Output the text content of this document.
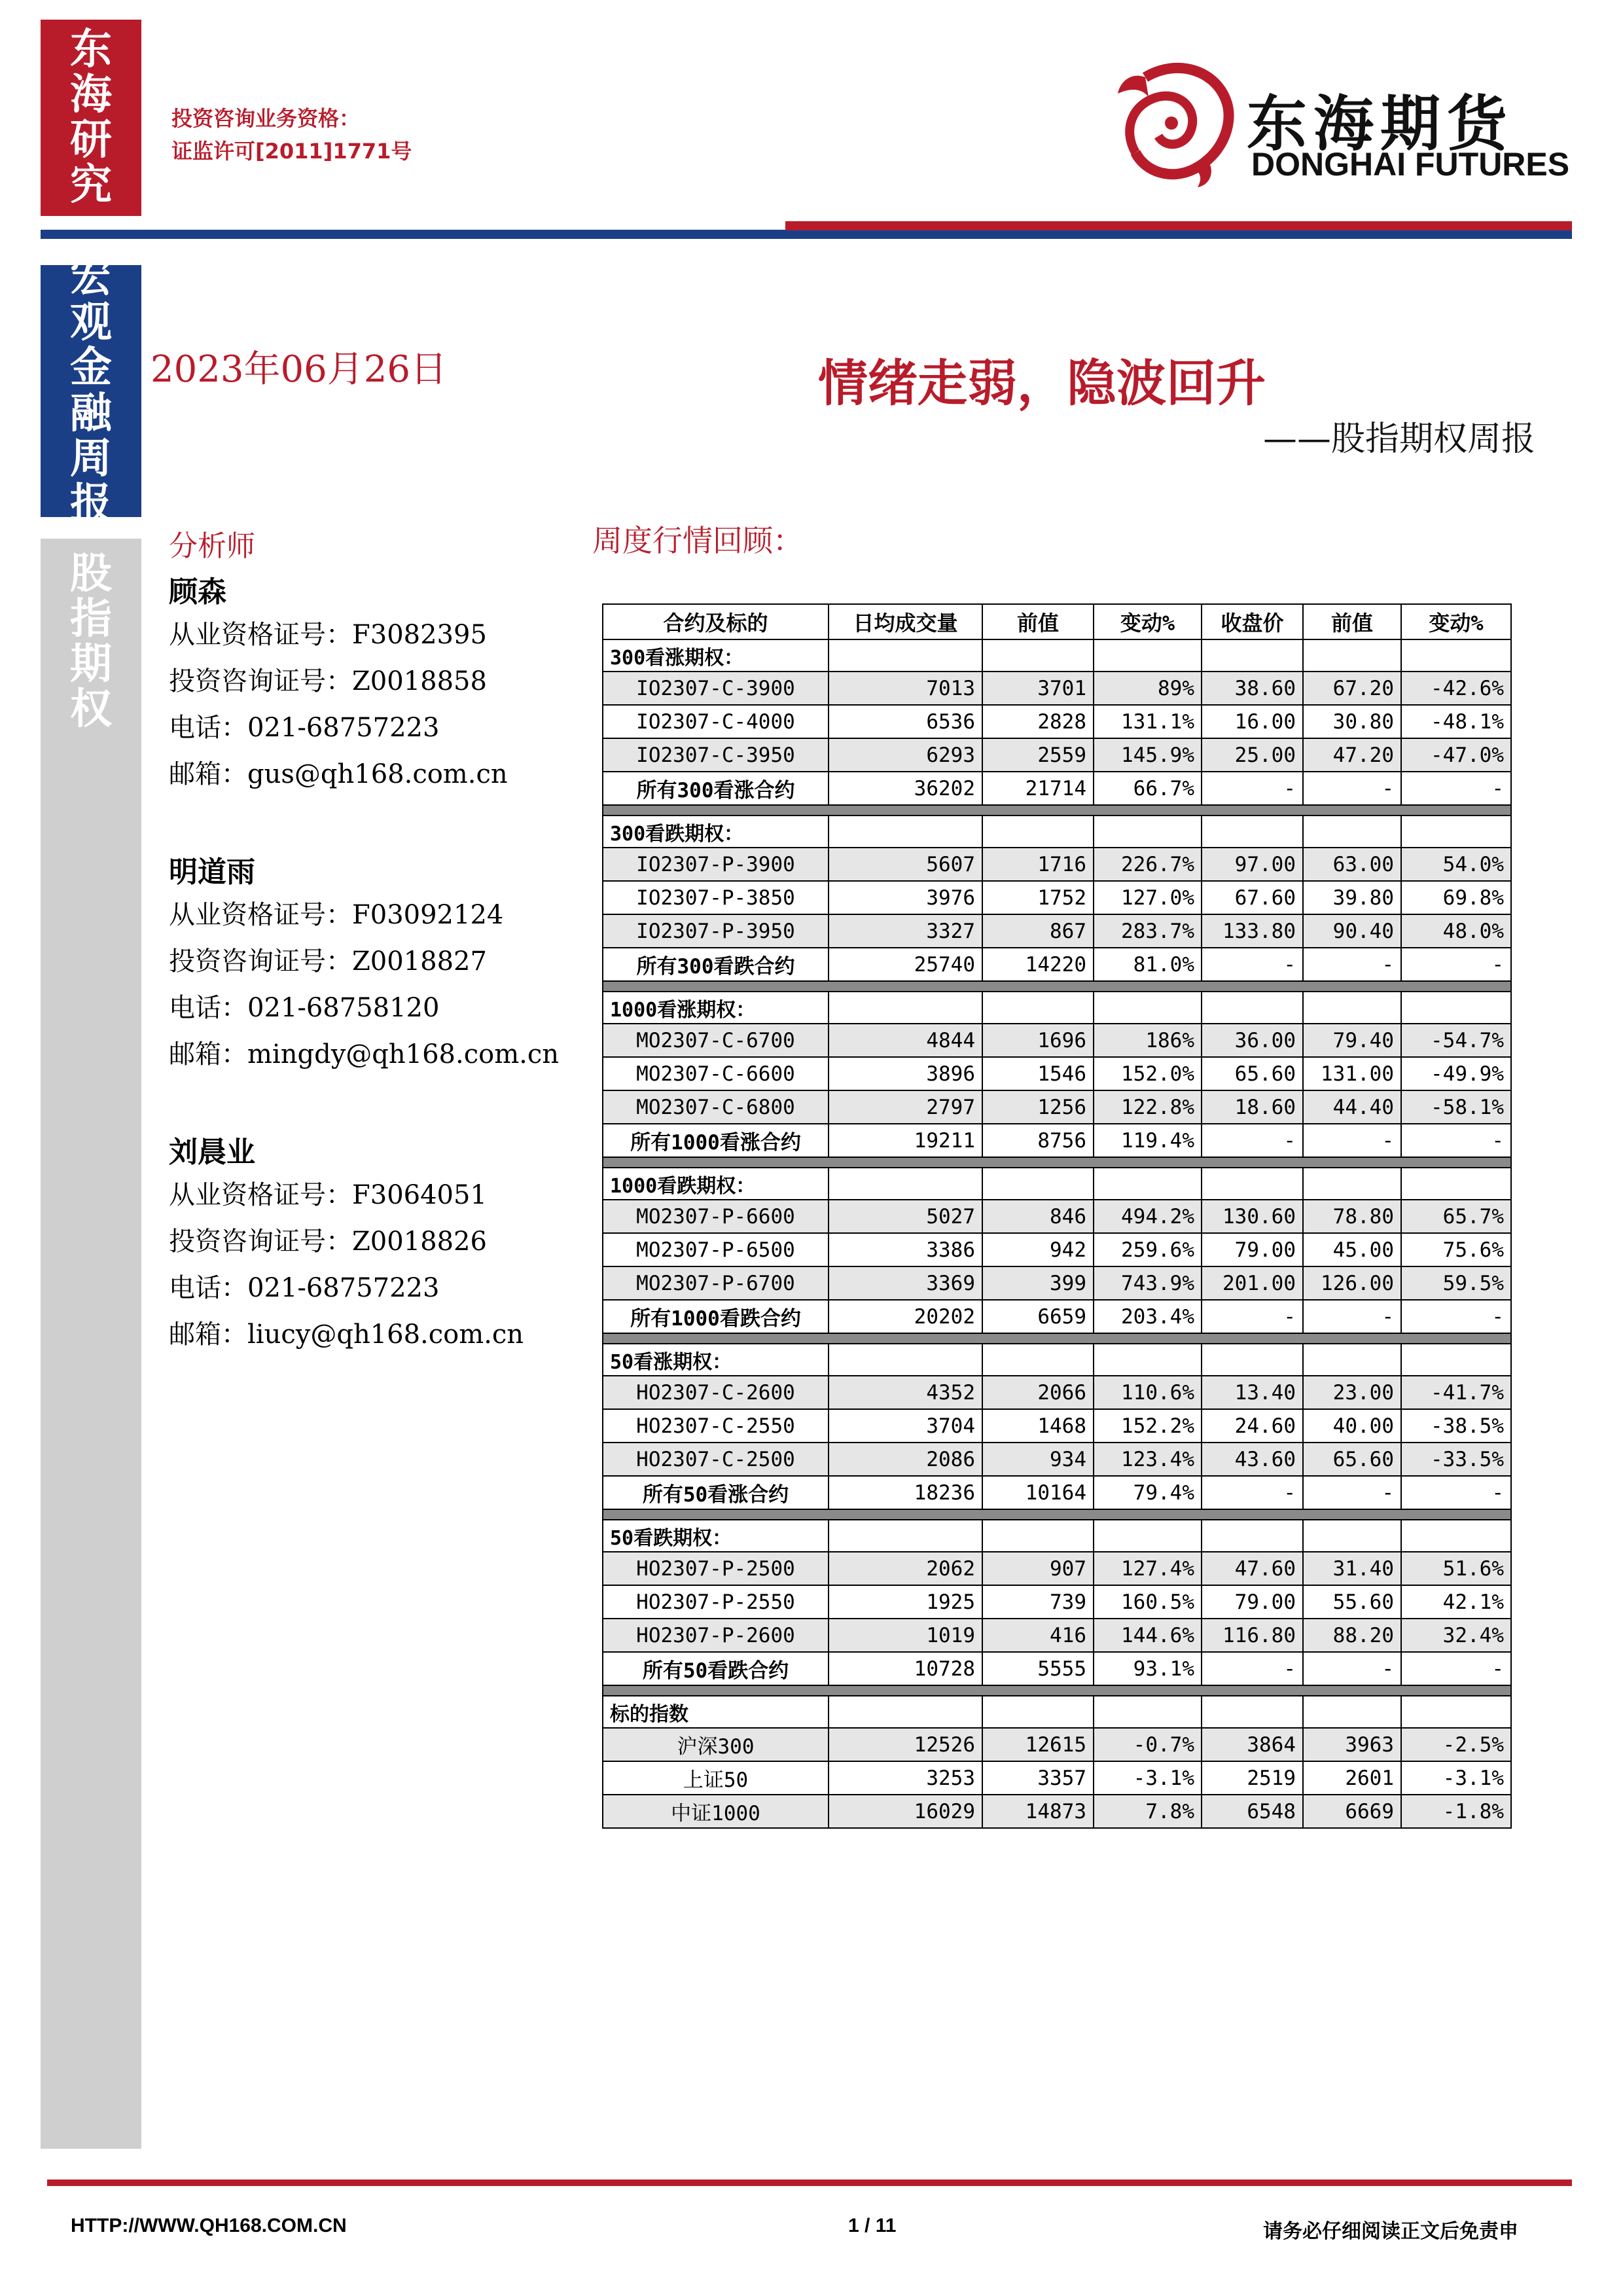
东海研究
宏观金融周报
股指期权
投资咨询业务资格：
证监许可[2011]1771号	东海期货
DONGHAI FUTURES
2023年06月26日	情绪走弱，隐波回升
——股指期权周报
分析师
顾森
从业资格证号：F3082395
投资咨询证号：Z0018858
电话：021-68757223
邮箱：gus@qh168.com.cn
明道雨
从业资格证号：F03092124
投资咨询证号：Z0018827
电话：021-68758120
邮箱：mingdy@qh168.com.cn
刘晨业
从业资格证号：F3064051
投资咨询证号：Z0018826
电话：021-68757223
邮箱：liucy@qh168.com.cn
周度行情回顾：
合约及标的	日均成交量	前值	变动%	收盘价	前值	变动%
300看涨期权：						
IO2307-C-3900	7013	3701	89%	38.60	67.20	-42.6%
IO2307-C-4000	6536	2828	131.1%	16.00	30.80	-48.1%
IO2307-C-3950	6293	2559	145.9%	25.00	47.20	-47.0%
所有300看涨合约	36202	21714	66.7%	-	-	-

300看跌期权：						
IO2307-P-3900	5607	1716	226.7%	97.00	63.00	54.0%
IO2307-P-3850	3976	1752	127.0%	67.60	39.80	69.8%
IO2307-P-3950	3327	867	283.7%	133.80	90.40	48.0%
所有300看跌合约	25740	14220	81.0%	-	-	-

1000看涨期权：						
MO2307-C-6700	4844	1696	186%	36.00	79.40	-54.7%
MO2307-C-6600	3896	1546	152.0%	65.60	131.00	-49.9%
MO2307-C-6800	2797	1256	122.8%	18.60	44.40	-58.1%
所有1000看涨合约	19211	8756	119.4%	-	-	-

1000看跌期权：						
MO2307-P-6600	5027	846	494.2%	130.60	78.80	65.7%
MO2307-P-6500	3386	942	259.6%	79.00	45.00	75.6%
MO2307-P-6700	3369	399	743.9%	201.00	126.00	59.5%
所有1000看跌合约	20202	6659	203.4%	-	-	-

50看涨期权：						
HO2307-C-2600	4352	2066	110.6%	13.40	23.00	-41.7%
HO2307-C-2550	3704	1468	152.2%	24.60	40.00	-38.5%
HO2307-C-2500	2086	934	123.4%	43.60	65.60	-33.5%
所有50看涨合约	18236	10164	79.4%	-	-	-

50看跌期权：						
HO2307-P-2500	2062	907	127.4%	47.60	31.40	51.6%
HO2307-P-2550	1925	739	160.5%	79.00	55.60	42.1%
HO2307-P-2600	1019	416	144.6%	116.80	88.20	32.4%
所有50看跌合约	10728	5555	93.1%	-	-	-

标的指数						
沪深300	12526	12615	-0.7%	3864	3963	-2.5%
上证50	3253	3357	-3.1%	2519	2601	-3.1%
中证1000	16029	14873	7.8%	6548	6669	-1.8%
HTTP://WWW.QH168.COM.CN	1 / 11	请务必仔细阅读正文后免责申
